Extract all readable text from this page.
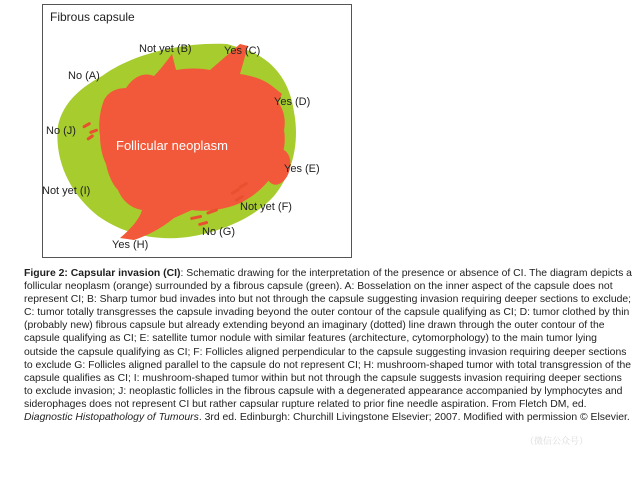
Fibrous capsule
Follicular neoplasm
No (A)
Not yet (B)	Yes (C)
Yes (D)
Yes (E)
Not yet (F)
No (G)
Yes (H)
Not yet (I)
No (J)

Figure 2: Capsular invasion (CI): Schematic drawing for the interpretation of the presence or absence of CI. The diagram depicts a follicular neoplasm (orange) surrounded by a fibrous capsule (green). A: Bosselation on the inner aspect of the capsule does not represent CI; B: Sharp tumor bud invades into but not through the capsule suggesting invasion requiring deeper sections to exclude; C: tumor totally transgresses the capsule invading beyond the outer contour of the capsule qualifying as CI; D: tumor clothed by thin (probably new) fibrous capsule but already extending beyond an imaginary (dotted) line drawn through the outer contour of the capsule qualifying as CI; E: satellite tumor nodule with similar features (architecture, cytomorphology) to the main tumor lying outside the capsule qualifying as CI; F: Follicles aligned perpendicular to the capsule suggesting invasion requiring deeper sections to exclude G: Follicles aligned parallel to the capsule do not represent CI; H: mushroom-shaped tumor with total transgression of the capsule qualifies as CI; I: mushroom-shaped tumor within but not through the capsule suggests invasion requiring deeper sections to exclude invasion; J: neoplastic follicles in the fibrous capsule with a degenerated appearance accompanied by lymphocytes and siderophages does not represent CI but rather capsular rupture related to prior fine needle aspiration. From Fletch DM, ed. Diagnostic Histopathology of Tumours. 3rd ed. Edinburgh: Churchill Livingstone Elsevier; 2007. Modified with permission © Elsevier.

（微信公众号）
